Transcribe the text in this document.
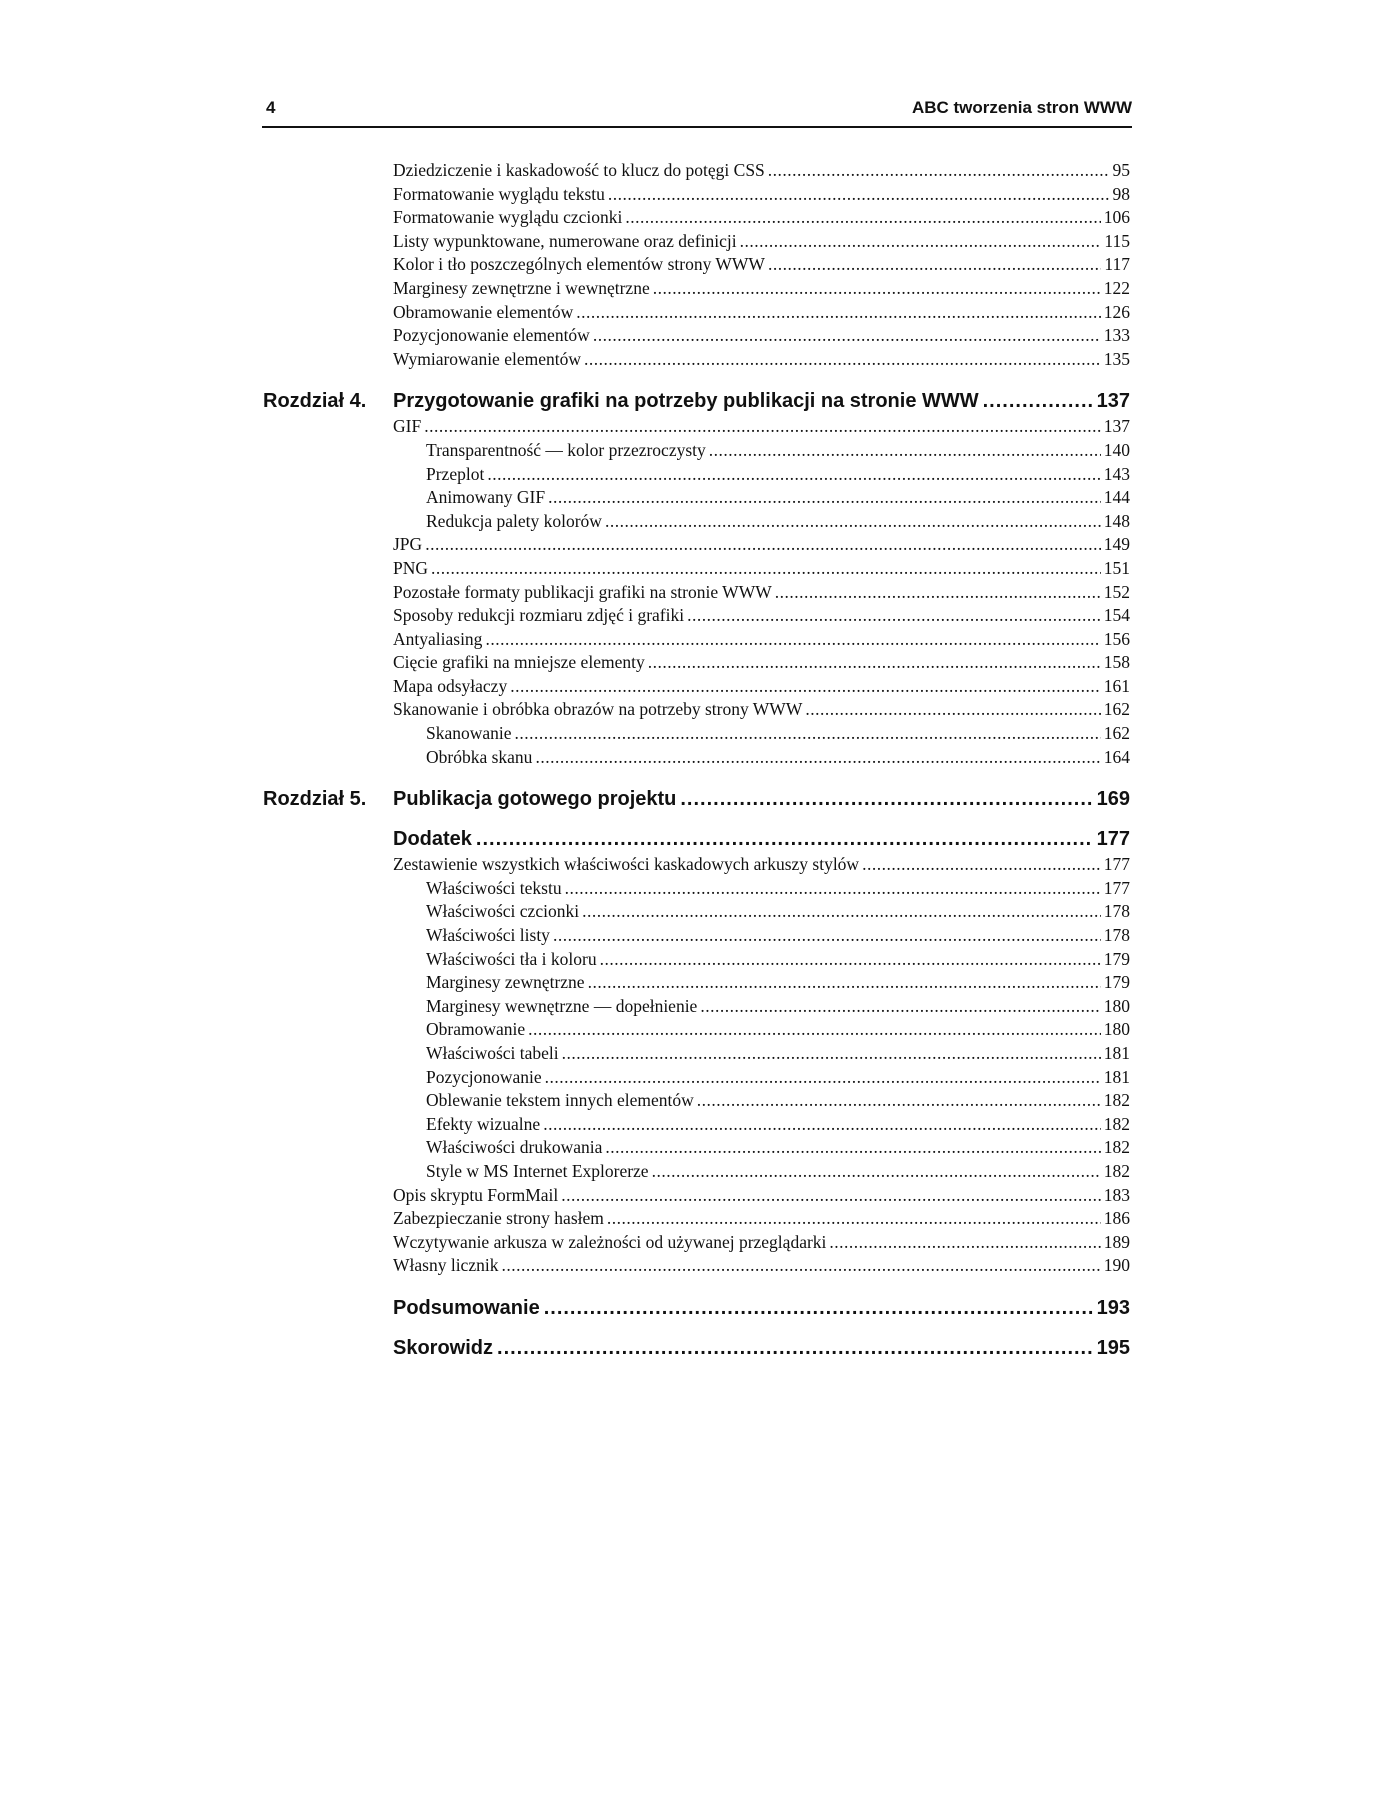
4	ABC tworzenia stron WWW
Dziedziczenie i kaskadowość to klucz do potęgi CSS .....	95
Formatowanie wyglądu tekstu .....	98
Formatowanie wyglądu czcionki .....	106
Listy wypunktowane, numerowane oraz definicji .....	115
Kolor i tło poszczególnych elementów strony WWW .....	117
Marginesy zewnętrzne i wewnętrzne .....	122
Obramowanie elementów .....	126
Pozycjonowanie elementów .....	133
Wymiarowanie elementów .....	135
Rozdział 4. Przygotowanie grafiki na potrzeby publikacji na stronie WWW .....	137
GIF .....	137
Transparentność — kolor przezroczysty .....	140
Przeplot .....	143
Animowany GIF .....	144
Redukcja palety kolorów .....	148
JPG .....	149
PNG .....	151
Pozostałe formaty publikacji grafiki na stronie WWW .....	152
Sposoby redukcji rozmiaru zdjęć i grafiki .....	154
Antyaliasing .....	156
Cięcie grafiki na mniejsze elementy .....	158
Mapa odsyłaczy .....	161
Skanowanie i obróbka obrazów na potrzeby strony WWW .....	162
Skanowanie .....	162
Obróbka skanu .....	164
Rozdział 5. Publikacja gotowego projektu .....	169
Dodatek .....	177
Zestawienie wszystkich właściwości kaskadowych arkuszy stylów .....	177
Właściwości tekstu .....	177
Właściwości czcionki .....	178
Właściwości listy .....	178
Właściwości tła i koloru .....	179
Marginesy zewnętrzne .....	179
Marginesy wewnętrzne — dopełnienie .....	180
Obramowanie .....	180
Właściwości tabeli .....	181
Pozycjonowanie .....	181
Oblewanie tekstem innych elementów .....	182
Efekty wizualne .....	182
Właściwości drukowania .....	182
Style w MS Internet Explorerze .....	182
Opis skryptu FormMail .....	183
Zabezpieczanie strony hasłem .....	186
Wczytywanie arkusza w zależności od używanej przeglądarki .....	189
Własny licznik .....	190
Podsumowanie .....	193
Skorowidz .....	195
